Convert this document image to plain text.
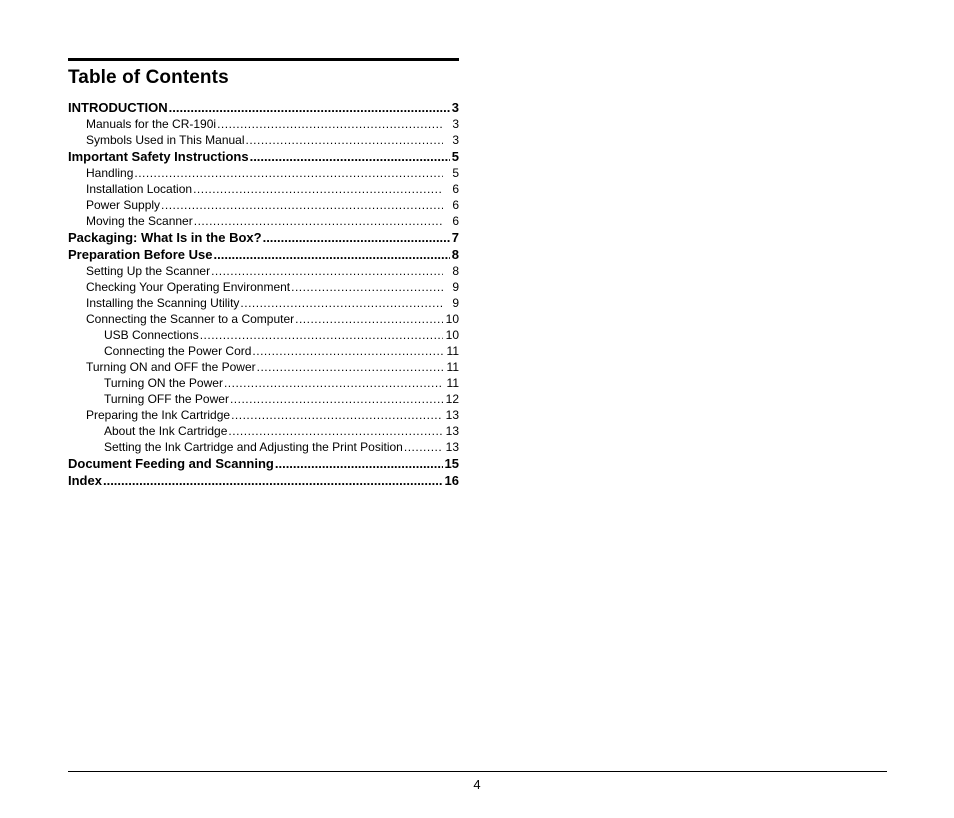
Table of Contents
INTRODUCTION .....	3
Manuals for the CR-190i .....	3
Symbols Used in This Manual .....	3
Important Safety Instructions .....	5
Handling .....	5
Installation Location .....	6
Power Supply .....	6
Moving the Scanner .....	6
Packaging: What Is in the Box? .....	7
Preparation Before Use .....	8
Setting Up the Scanner .....	8
Checking Your Operating Environment .....	9
Installing the Scanning Utility .....	9
Connecting the Scanner to a Computer .....	10
USB Connections .....	10
Connecting the Power Cord .....	11
Turning ON and OFF the Power .....	11
Turning ON the Power .....	11
Turning OFF the Power .....	12
Preparing the Ink Cartridge .....	13
About the Ink Cartridge .....	13
Setting the Ink Cartridge and Adjusting the Print Position .....	13
Document Feeding and Scanning .....	15
Index .....	16
4
